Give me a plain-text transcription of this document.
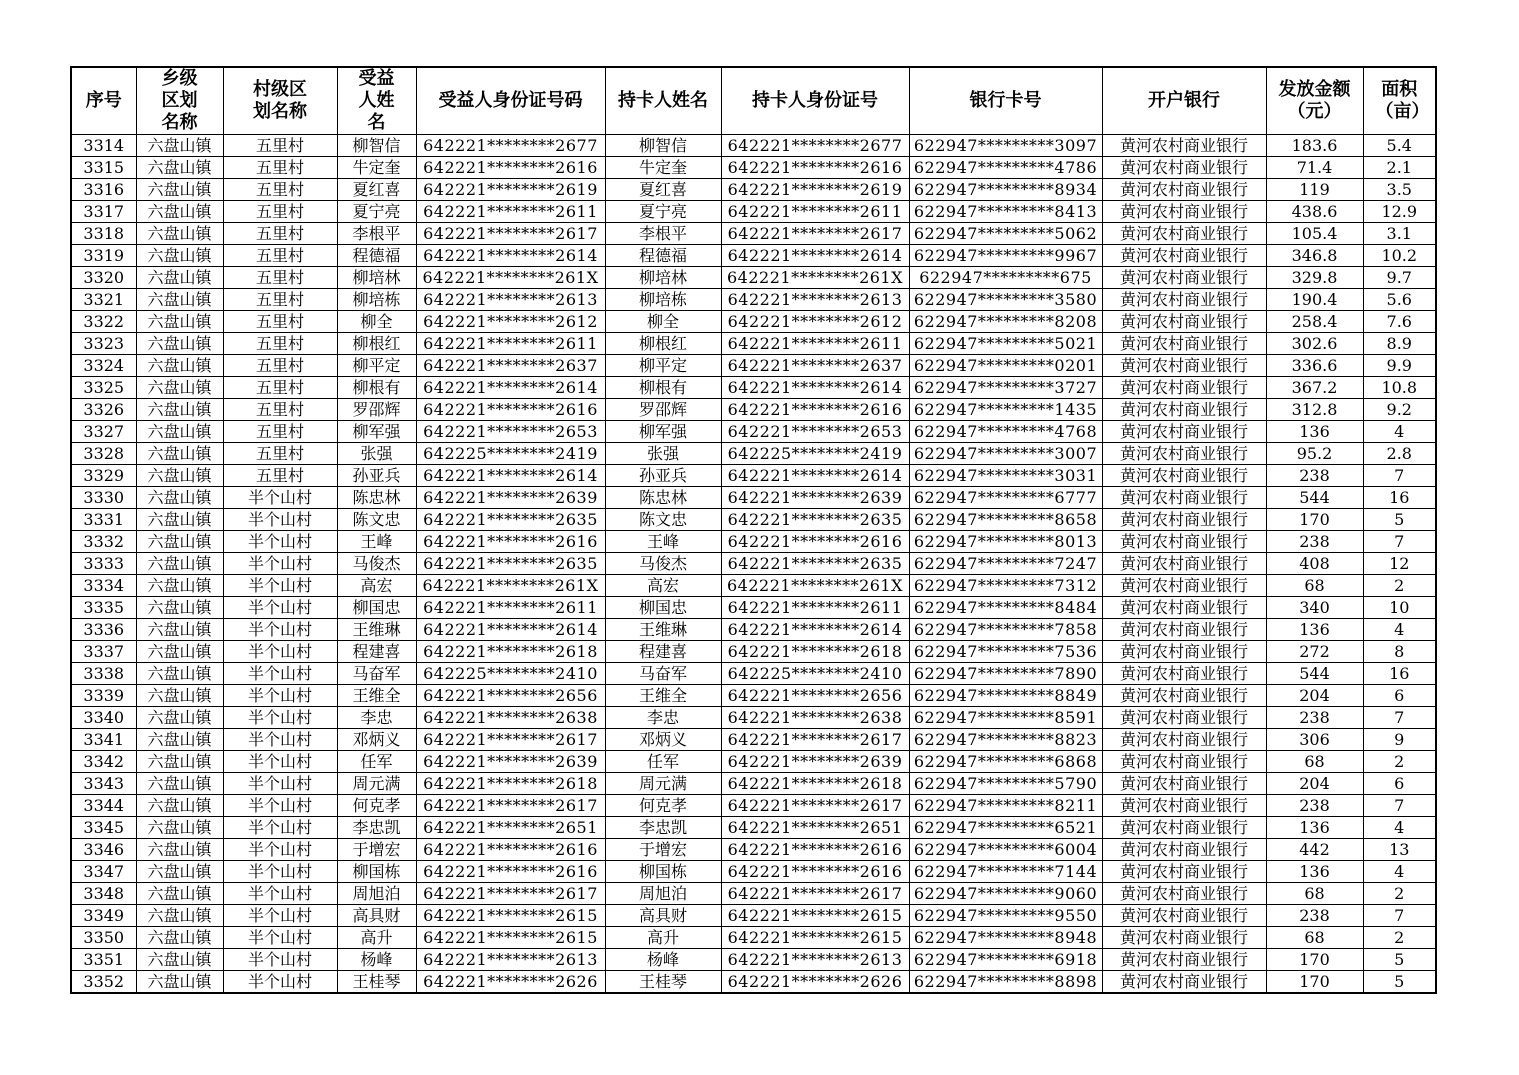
序号	乡级区划名称	村级区划名称	受益人姓名	受益人身份证号码	持卡人姓名	持卡人身份证号	银行卡号	开户银行	发放金额（元）	面积（亩）
3314	六盘山镇	五里村	柳智信	642221********2677	柳智信	642221********2677	622947*********3097	黄河农村商业银行	183.6	5.4
3315	六盘山镇	五里村	牛定奎	642221********2616	牛定奎	642221********2616	622947*********4786	黄河农村商业银行	71.4	2.1
3316	六盘山镇	五里村	夏红喜	642221********2619	夏红喜	642221********2619	622947*********8934	黄河农村商业银行	119	3.5
3317	六盘山镇	五里村	夏宁亮	642221********2611	夏宁亮	642221********2611	622947*********8413	黄河农村商业银行	438.6	12.9
3318	六盘山镇	五里村	李根平	642221********2617	李根平	642221********2617	622947*********5062	黄河农村商业银行	105.4	3.1
3319	六盘山镇	五里村	程德福	642221********2614	程德福	642221********2614	622947*********9967	黄河农村商业银行	346.8	10.2
3320	六盘山镇	五里村	柳培林	642221********261X	柳培林	642221********261X	622947*********675	黄河农村商业银行	329.8	9.7
3321	六盘山镇	五里村	柳培栋	642221********2613	柳培栋	642221********2613	622947*********3580	黄河农村商业银行	190.4	5.6
3322	六盘山镇	五里村	柳全	642221********2612	柳全	642221********2612	622947*********8208	黄河农村商业银行	258.4	7.6
3323	六盘山镇	五里村	柳根红	642221********2611	柳根红	642221********2611	622947*********5021	黄河农村商业银行	302.6	8.9
3324	六盘山镇	五里村	柳平定	642221********2637	柳平定	642221********2637	622947*********0201	黄河农村商业银行	336.6	9.9
3325	六盘山镇	五里村	柳根有	642221********2614	柳根有	642221********2614	622947*********3727	黄河农村商业银行	367.2	10.8
3326	六盘山镇	五里村	罗邵辉	642221********2616	罗邵辉	642221********2616	622947*********1435	黄河农村商业银行	312.8	9.2
3327	六盘山镇	五里村	柳军强	642221********2653	柳军强	642221********2653	622947*********4768	黄河农村商业银行	136	4
3328	六盘山镇	五里村	张强	642225********2419	张强	642225********2419	622947*********3007	黄河农村商业银行	95.2	2.8
3329	六盘山镇	五里村	孙亚兵	642221********2614	孙亚兵	642221********2614	622947*********3031	黄河农村商业银行	238	7
3330	六盘山镇	半个山村	陈忠林	642221********2639	陈忠林	642221********2639	622947*********6777	黄河农村商业银行	544	16
3331	六盘山镇	半个山村	陈文忠	642221********2635	陈文忠	642221********2635	622947*********8658	黄河农村商业银行	170	5
3332	六盘山镇	半个山村	王峰	642221********2616	王峰	642221********2616	622947*********8013	黄河农村商业银行	238	7
3333	六盘山镇	半个山村	马俊杰	642221********2635	马俊杰	642221********2635	622947*********7247	黄河农村商业银行	408	12
3334	六盘山镇	半个山村	高宏	642221********261X	高宏	642221********261X	622947*********7312	黄河农村商业银行	68	2
3335	六盘山镇	半个山村	柳国忠	642221********2611	柳国忠	642221********2611	622947*********8484	黄河农村商业银行	340	10
3336	六盘山镇	半个山村	王维琳	642221********2614	王维琳	642221********2614	622947*********7858	黄河农村商业银行	136	4
3337	六盘山镇	半个山村	程建喜	642221********2618	程建喜	642221********2618	622947*********7536	黄河农村商业银行	272	8
3338	六盘山镇	半个山村	马奋军	642225********2410	马奋军	642225********2410	622947*********7890	黄河农村商业银行	544	16
3339	六盘山镇	半个山村	王维全	642221********2656	王维全	642221********2656	622947*********8849	黄河农村商业银行	204	6
3340	六盘山镇	半个山村	李忠	642221********2638	李忠	642221********2638	622947*********8591	黄河农村商业银行	238	7
3341	六盘山镇	半个山村	邓炳义	642221********2617	邓炳义	642221********2617	622947*********8823	黄河农村商业银行	306	9
3342	六盘山镇	半个山村	任军	642221********2639	任军	642221********2639	622947*********6868	黄河农村商业银行	68	2
3343	六盘山镇	半个山村	周元满	642221********2618	周元满	642221********2618	622947*********5790	黄河农村商业银行	204	6
3344	六盘山镇	半个山村	何克孝	642221********2617	何克孝	642221********2617	622947*********8211	黄河农村商业银行	238	7
3345	六盘山镇	半个山村	李忠凯	642221********2651	李忠凯	642221********2651	622947*********6521	黄河农村商业银行	136	4
3346	六盘山镇	半个山村	于增宏	642221********2616	于增宏	642221********2616	622947*********6004	黄河农村商业银行	442	13
3347	六盘山镇	半个山村	柳国栋	642221********2616	柳国栋	642221********2616	622947*********7144	黄河农村商业银行	136	4
3348	六盘山镇	半个山村	周旭泊	642221********2617	周旭泊	642221********2617	622947*********9060	黄河农村商业银行	68	2
3349	六盘山镇	半个山村	高具财	642221********2615	高具财	642221********2615	622947*********9550	黄河农村商业银行	238	7
3350	六盘山镇	半个山村	高升	642221********2615	高升	642221********2615	622947*********8948	黄河农村商业银行	68	2
3351	六盘山镇	半个山村	杨峰	642221********2613	杨峰	642221********2613	622947*********6918	黄河农村商业银行	170	5
3352	六盘山镇	半个山村	王桂琴	642221********2626	王桂琴	642221********2626	622947*********8898	黄河农村商业银行	170	5
